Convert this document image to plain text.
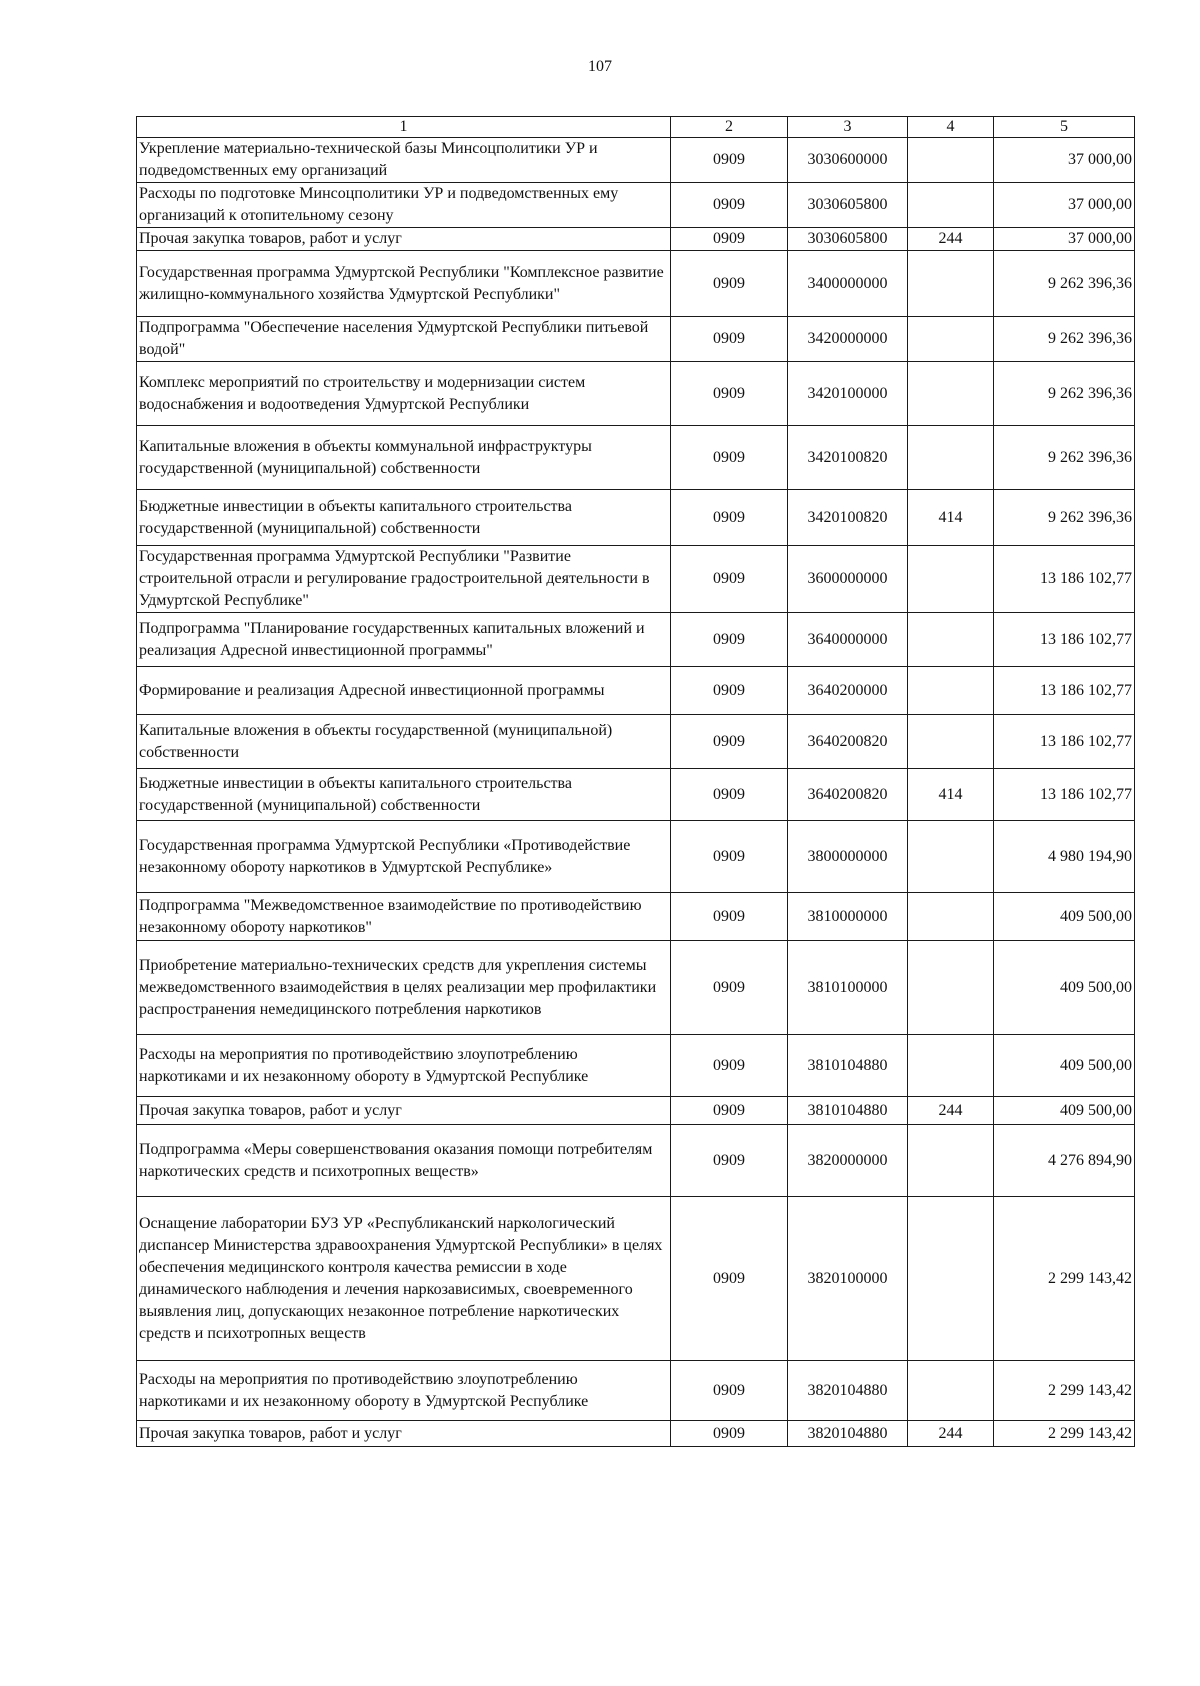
107
1	2	3	4	5
Укрепление материально-технической базы Минсоцполитики УР и подведомственных ему организаций	0909	3030600000		37 000,00
Расходы по подготовке Минсоцполитики УР и подведомственных ему организаций к отопительному сезону	0909	3030605800		37 000,00
Прочая закупка товаров, работ и услуг	0909	3030605800	244	37 000,00
Государственная программа Удмуртской Республики "Комплексное развитие жилищно-коммунального хозяйства Удмуртской Республики"	0909	3400000000		9 262 396,36
Подпрограмма "Обеспечение населения Удмуртской Республики питьевой водой"	0909	3420000000		9 262 396,36
Комплекс мероприятий по строительству и модернизации систем водоснабжения и водоотведения Удмуртской Республики	0909	3420100000		9 262 396,36
Капитальные вложения в объекты коммунальной инфраструктуры государственной (муниципальной) собственности	0909	3420100820		9 262 396,36
Бюджетные инвестиции в объекты капитального строительства государственной (муниципальной) собственности	0909	3420100820	414	9 262 396,36
Государственная программа Удмуртской Республики "Развитие строительной отрасли и регулирование градостроительной деятельности в Удмуртской Республике"	0909	3600000000		13 186 102,77
Подпрограмма "Планирование государственных капитальных вложений и реализация Адресной инвестиционной программы"	0909	3640000000		13 186 102,77
Формирование и реализация Адресной инвестиционной программы	0909	3640200000		13 186 102,77
Капитальные вложения в объекты государственной (муниципальной) собственности	0909	3640200820		13 186 102,77
Бюджетные инвестиции в объекты капитального строительства государственной (муниципальной) собственности	0909	3640200820	414	13 186 102,77
Государственная программа Удмуртской Республики «Противодействие незаконному обороту наркотиков в Удмуртской Республике»	0909	3800000000		4 980 194,90
Подпрограмма "Межведомственное взаимодействие по противодействию незаконному обороту наркотиков"	0909	3810000000		409 500,00
Приобретение материально-технических средств для укрепления системы межведомственного взаимодействия в целях реализации мер профилактики распространения немедицинского потребления наркотиков	0909	3810100000		409 500,00
Расходы на мероприятия по противодействию злоупотреблению наркотиками и их незаконному обороту в Удмуртской Республике	0909	3810104880		409 500,00
Прочая закупка товаров, работ и услуг	0909	3810104880	244	409 500,00
Подпрограмма «Меры совершенствования оказания помощи потребителям наркотических средств и психотропных веществ»	0909	3820000000		4 276 894,90
Оснащение лаборатории БУЗ УР «Республиканский наркологический диспансер Министерства здравоохранения Удмуртской Республики» в целях обеспечения медицинского контроля качества ремиссии в ходе динамического наблюдения и лечения наркозависимых, своевременного выявления лиц, допускающих незаконное потребление наркотических средств и психотропных веществ	0909	3820100000		2 299 143,42
Расходы на мероприятия по противодействию злоупотреблению наркотиками и их незаконному обороту в Удмуртской Республике	0909	3820104880		2 299 143,42
Прочая закупка товаров, работ и услуг	0909	3820104880	244	2 299 143,42
